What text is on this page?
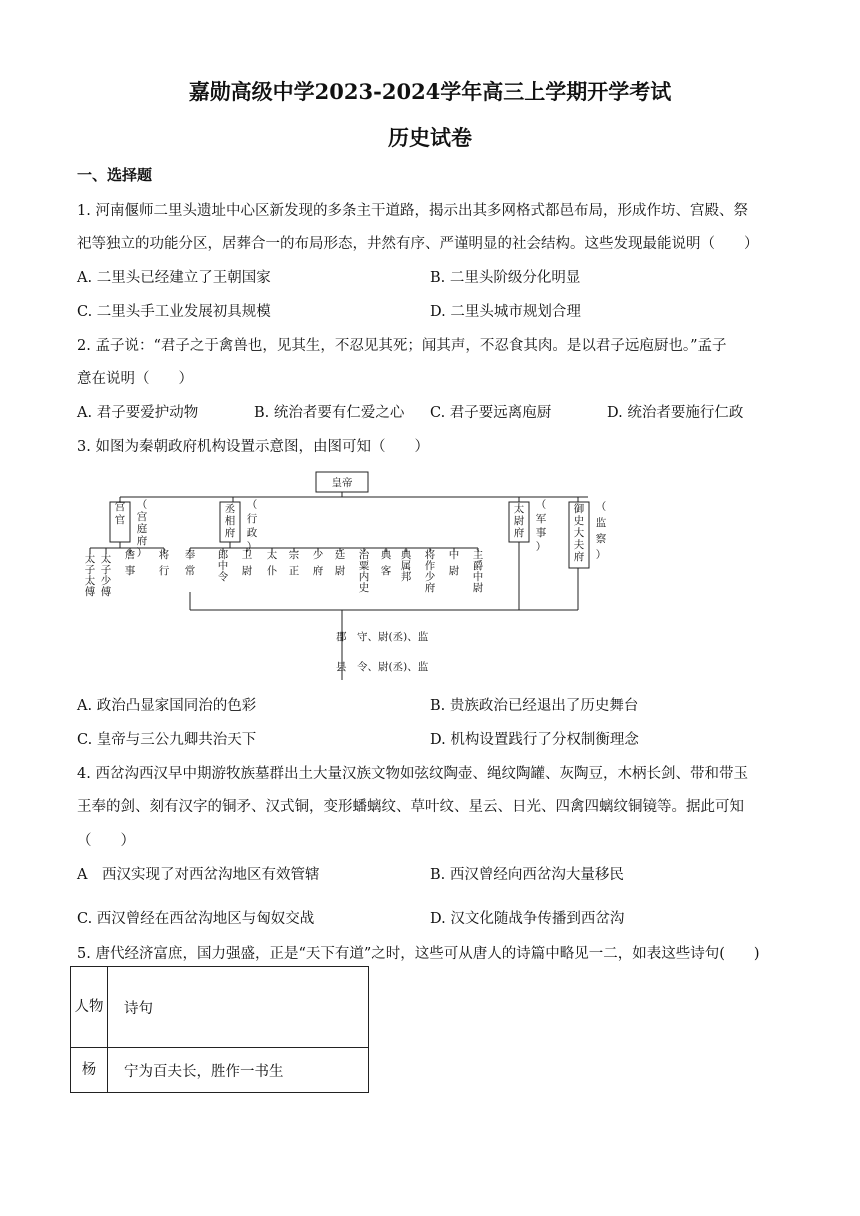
嘉勋高级中学2023-2024学年高三上学期开学考试
历史试卷
一、选择题
1. 河南偃师二里头遗址中心区新发现的多条主干道路，揭示出其多网格式都邑布局，形成作坊、宫殿、祭
祀等独立的功能分区，居葬合一的布局形态，井然有序、严谨明显的社会结构。这些发现最能说明（　　）
A. 二里头已经建立了王朝国家	B. 二里头阶级分化明显
C. 二里头手工业发展初具规模	D. 二里头城市规划合理
2. 孟子说：“君子之于禽兽也，见其生，不忍见其死；闻其声，不忍食其肉。是以君子远庖厨也。”孟子
意在说明（　　）
A. 君子要爱护动物	B. 统治者要有仁爱之心 C. 君子要远离庖厨	D. 统治者要施行仁政
3. 如图为秦朝政府机构设置示意图，由图可知（　　）
皇帝
宫官
（宫庭府）
丞相府
（行政）
太尉府
（军事）
御史大夫府
（监察）
太子太傅
太子少傅
詹事
将行
奉常
郎中令
卫尉
太仆
宗正
少府
廷尉
治粟内史
典客
典属邦
将作少府
中尉
主爵中尉
郡　守、尉(丞)、监
县　令、尉(丞)、监
A. 政治凸显家国同治的色彩	B. 贵族政治已经退出了历史舞台
C. 皇帝与三公九卿共治天下	D. 机构设置践行了分权制衡理念
4. 西岔沟西汉早中期游牧族墓群出土大量汉族文物如弦纹陶壶、绳纹陶罐、灰陶豆，木柄长剑、带和带玉
王奉的剑、刻有汉字的铜矛、汉式铜，变形蟠螭纹、草叶纹、星云、日光、四禽四螭纹铜镜等。据此可知
（　　）
A　西汉实现了对西岔沟地区有效管辖	B. 西汉曾经向西岔沟大量移民
C. 西汉曾经在西岔沟地区与匈奴交战	D. 汉文化随战争传播到西岔沟
5. 唐代经济富庶，国力强盛，正是“天下有道”之时，这些可从唐人的诗篇中略见一二，如表这些诗句(　　)
人物	诗句
杨	宁为百夫长，胜作一书生
